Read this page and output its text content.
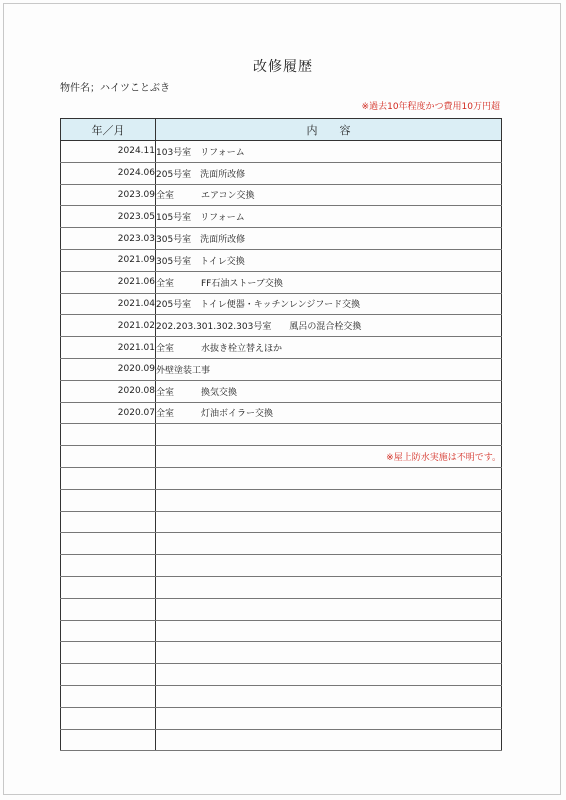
改修履歴
物件名；ハイツことぶき
※過去10年程度かつ費用10万円超
年／月	内　　容
2024.11	103号室　リフォーム
2024.06	205号室　洗面所改修
2023.09	全室　　　エアコン交換
2023.05	105号室　リフォーム
2023.03	305号室　洗面所改修
2021.09	305号室　トイレ交換
2021.06	全室　　　FF石油ストーブ交換
2021.04	205号室　トイレ便器・キッチンレンジフード交換
2021.02	202.203.301.302.303号室　　風呂の混合栓交換
2021.01	全室　　　水抜き栓立替えほか
2020.09	外壁塗装工事
2020.08	全室　　　換気交換
2020.07	全室　　　灯油ボイラー交換

	※屋上防水実施は不明です。
